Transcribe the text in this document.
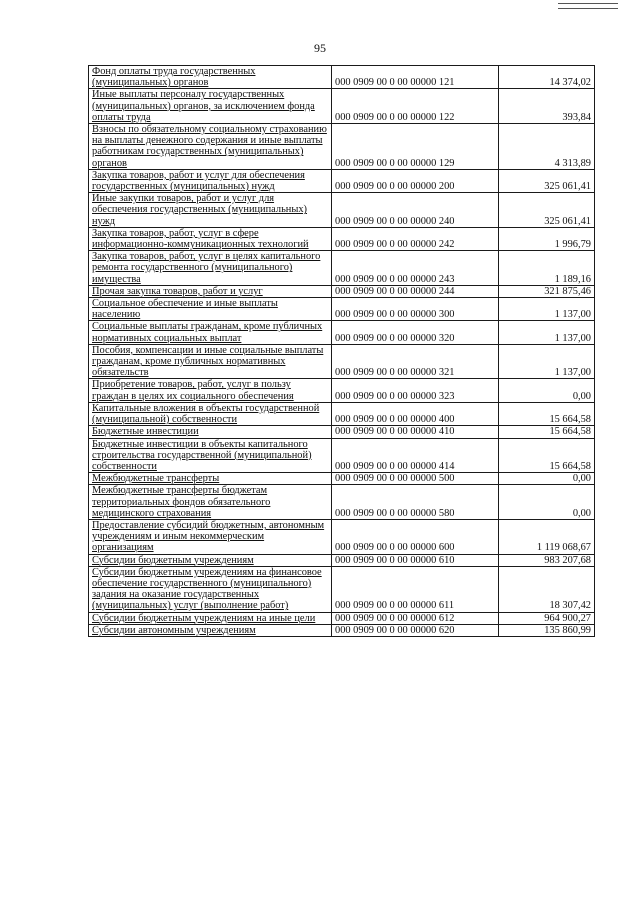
95
Фонд оплаты труда государственных (муниципальных) органов	000 0909 00 0 00 00000 121	14 374,02
Иные выплаты персоналу государственных (муниципальных) органов, за исключением фонда оплаты труда	000 0909 00 0 00 00000 122	393,84
Взносы по обязательному социальному страхованию на выплаты денежного содержания и иные выплаты работникам государственных (муниципальных) органов	000 0909 00 0 00 00000 129	4 313,89
Закупка товаров, работ и услуг для обеспечения государственных (муниципальных) нужд	000 0909 00 0 00 00000 200	325 061,41
Иные закупки товаров, работ и услуг для обеспечения государственных (муниципальных) нужд	000 0909 00 0 00 00000 240	325 061,41
Закупка товаров, работ, услуг в сфере информационно-коммуникационных технологий	000 0909 00 0 00 00000 242	1 996,79
Закупка товаров, работ, услуг в целях капитального ремонта государственного (муниципального) имущества	000 0909 00 0 00 00000 243	1 189,16
Прочая закупка товаров, работ и услуг	000 0909 00 0 00 00000 244	321 875,46
Социальное обеспечение и иные выплаты населению	000 0909 00 0 00 00000 300	1 137,00
Социальные выплаты гражданам, кроме публичных нормативных социальных выплат	000 0909 00 0 00 00000 320	1 137,00
Пособия, компенсации и иные социальные выплаты гражданам, кроме публичных нормативных обязательств	000 0909 00 0 00 00000 321	1 137,00
Приобретение товаров, работ, услуг в пользу граждан в целях их социального обеспечения	000 0909 00 0 00 00000 323	0,00
Капитальные вложения в объекты государственной (муниципальной) собственности	000 0909 00 0 00 00000 400	15 664,58
Бюджетные инвестиции	000 0909 00 0 00 00000 410	15 664,58
Бюджетные инвестиции в объекты капитального строительства государственной (муниципальной) собственности	000 0909 00 0 00 00000 414	15 664,58
Межбюджетные трансферты	000 0909 00 0 00 00000 500	0,00
Межбюджетные трансферты бюджетам территориальных фондов обязательного медицинского страхования	000 0909 00 0 00 00000 580	0,00
Предоставление субсидий бюджетным, автономным учреждениям и иным некоммерческим организациям	000 0909 00 0 00 00000 600	1 119 068,67
Субсидии бюджетным учреждениям	000 0909 00 0 00 00000 610	983 207,68
Субсидии бюджетным учреждениям на финансовое обеспечение государственного (муниципального) задания на оказание государственных (муниципальных) услуг (выполнение работ)	000 0909 00 0 00 00000 611	18 307,42
Субсидии бюджетным учреждениям на иные цели	000 0909 00 0 00 00000 612	964 900,27
Субсидии автономным учреждениям	000 0909 00 0 00 00000 620	135 860,99
